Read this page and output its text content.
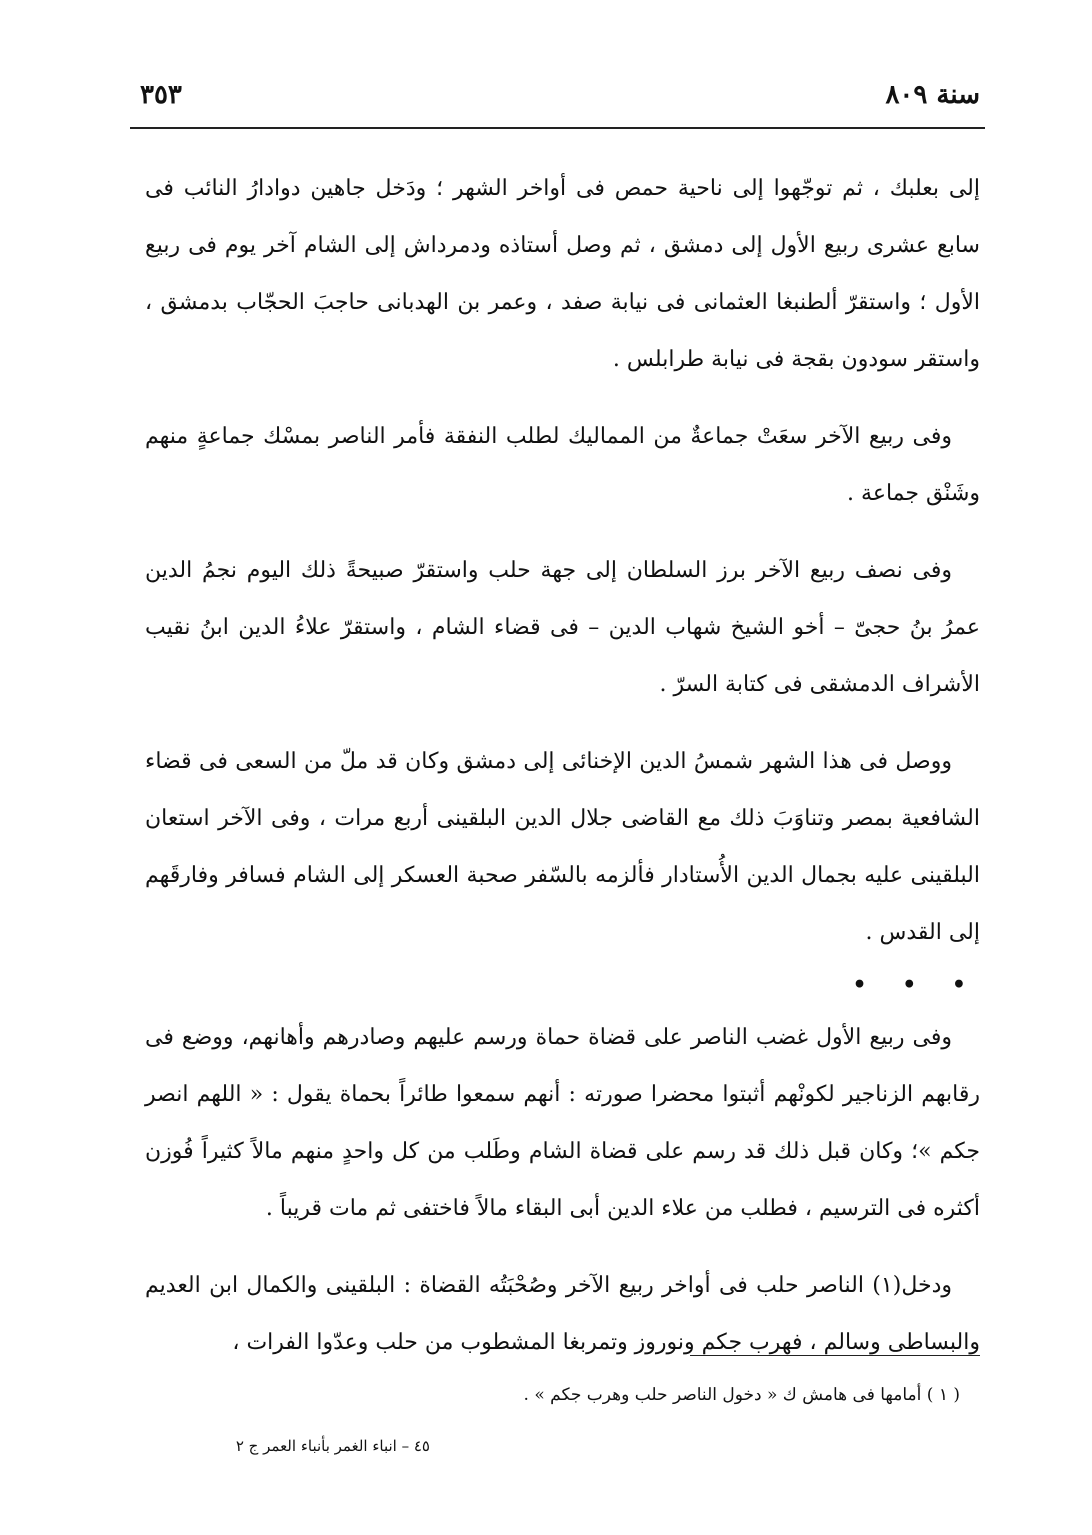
سنة ٨٠٩
٣٥٣

إلى بعلبك ، ثم توجّهوا إلى ناحية حمص فى أواخر الشهر ؛ ودَخل جاهين دوادارُ النائب فى سابع عشرى ربيع الأول إلى دمشق ، ثم وصل أستاذه ودمرداش إلى الشام آخر يوم فى ربيع الأول ؛ واستقرّ ألطنبغا العثمانى فى نيابة صفد ، وعمر بن الهدبانى حاجبَ الحجّاب بدمشق ، واستقر سودون بقجة فى نيابة طرابلس .

وفى ربيع الآخر سعَتْ جماعةٌ من المماليك لطلب النفقة فأمر الناصر بمسْك جماعةٍ منهم وشَنْق جماعة .

وفى نصف ربيع الآخر برز السلطان إلى جهة حلب واستقرّ صبيحةً ذلك اليوم نجمُ الدين عمرُ بنُ حجىّ – أخو الشيخ شهاب الدين – فى قضاء الشام ، واستقرّ علاءُ الدين ابنُ نقيب الأشراف الدمشقى فى كتابة السرّ .

ووصل فى هذا الشهر شمسُ الدين الإخنائى إلى دمشق وكان قد ملّ من السعى فى قضاء الشافعية بمصر وتناوَبَ ذلك مع القاضى جلال الدين البلقينى أربع مرات ، وفى الآخر استعان البلقينى عليه بجمال الدين الأُستادار فألزمه بالسّفر صحبة العسكر إلى الشام فسافر وفارقَهم إلى القدس .

• • •

وفى ربيع الأول غضب الناصر على قضاة حماة ورسم عليهم وصادرهم وأهانهم، ووضع فى رقابهم الزناجير لكونْهم أثبتوا محضرا صورته : أنهم سمعوا طائراً بحماة يقول : « اللهم انصر جكم »؛ وكان قبل ذلك قد رسم على قضاة الشام وطَلب من كل واحدٍ منهم مالاً كثيراً فُوزن أكثره فى الترسيم ، فطلب من علاء الدين أبى البقاء مالاً فاختفى ثم مات قريباً .

ودخل(١) الناصر حلب فى أواخر ربيع الآخر وصُحْبَتُه القضاة : البلقينى والكمال ابن العديم والبساطى وسالم ، فهرب جكم ونوروز وتمربغا المشطوب من حلب وعدّوا الفرات ،

( ١ ) أمامها فى هامش ك « دخول الناصر حلب وهرب جكم » .
٤٥ – انباء الغمر بأنباء العمر ج ٢
